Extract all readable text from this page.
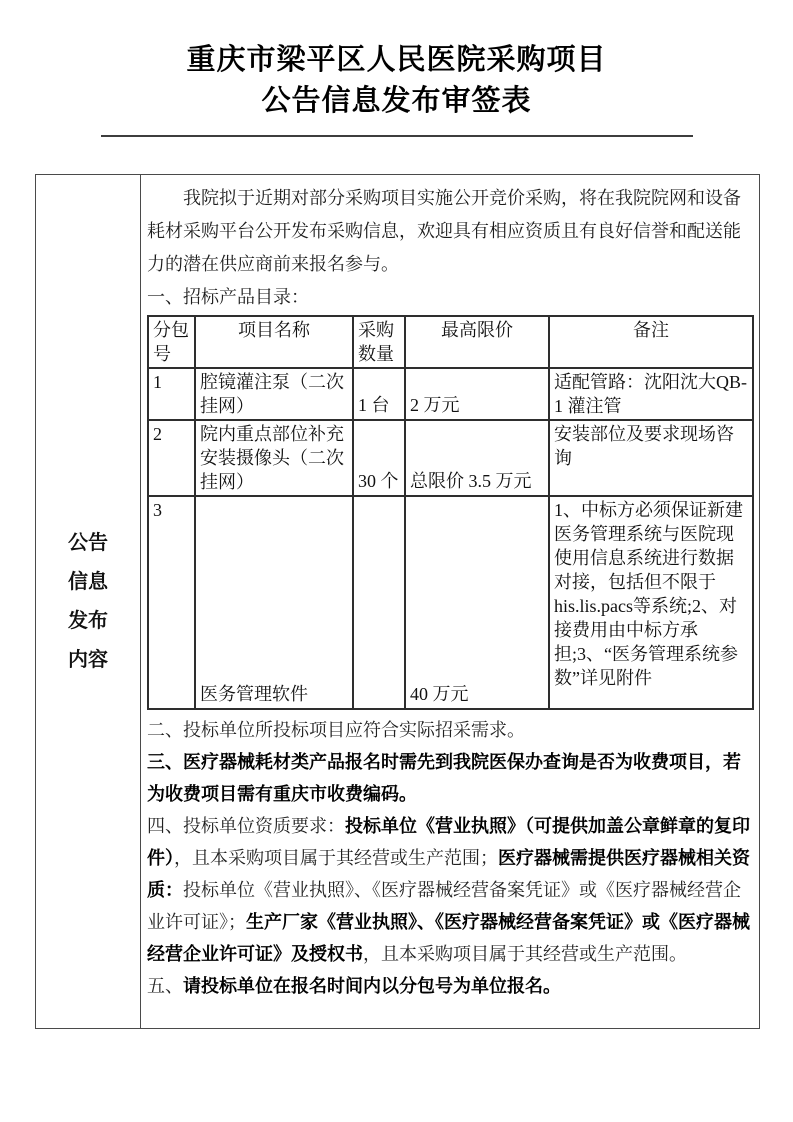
重庆市梁平区人民医院采购项目
公告信息发布审签表
公告
信息
发布
内容

我院拟于近期对部分采购项目实施公开竞价采购，将在我院院网和设备耗材采购平台公开发布采购信息，欢迎具有相应资质且有良好信誉和配送能力的潜在供应商前来报名参与。

一、招标产品目录：

分包号	项目名称	采购数量	最高限价	备注
1	腔镜灌注泵（二次挂网）	1 台	2 万元	适配管路：沈阳沈大QB-1 灌注管
2	院内重点部位补充安装摄像头（二次挂网）	30 个	总限价 3.5 万元	安装部位及要求现场咨询
3	医务管理软件		40 万元	1、中标方必须保证新建医务管理系统与医院现使用信息系统进行数据对接，包括但不限于his.lis.pacs等系统;2、对接费用由中标方承担;3、“医务管理系统参数”详见附件

二、投标单位所投标项目应符合实际招采需求。

三、医疗器械耗材类产品报名时需先到我院医保办查询是否为收费项目，若为收费项目需有重庆市收费编码。

四、投标单位资质要求：投标单位《营业执照》（可提供加盖公章鲜章的复印件），且本采购项目属于其经营或生产范围；医疗器械需提供医疗器械相关资质：投标单位《营业执照》、《医疗器械经营备案凭证》或《医疗器械经营企业许可证》；生产厂家《营业执照》、《医疗器械经营备案凭证》或《医疗器械经营企业许可证》及授权书，且本采购项目属于其经营或生产范围。

五、请投标单位在报名时间内以分包号为单位报名。
